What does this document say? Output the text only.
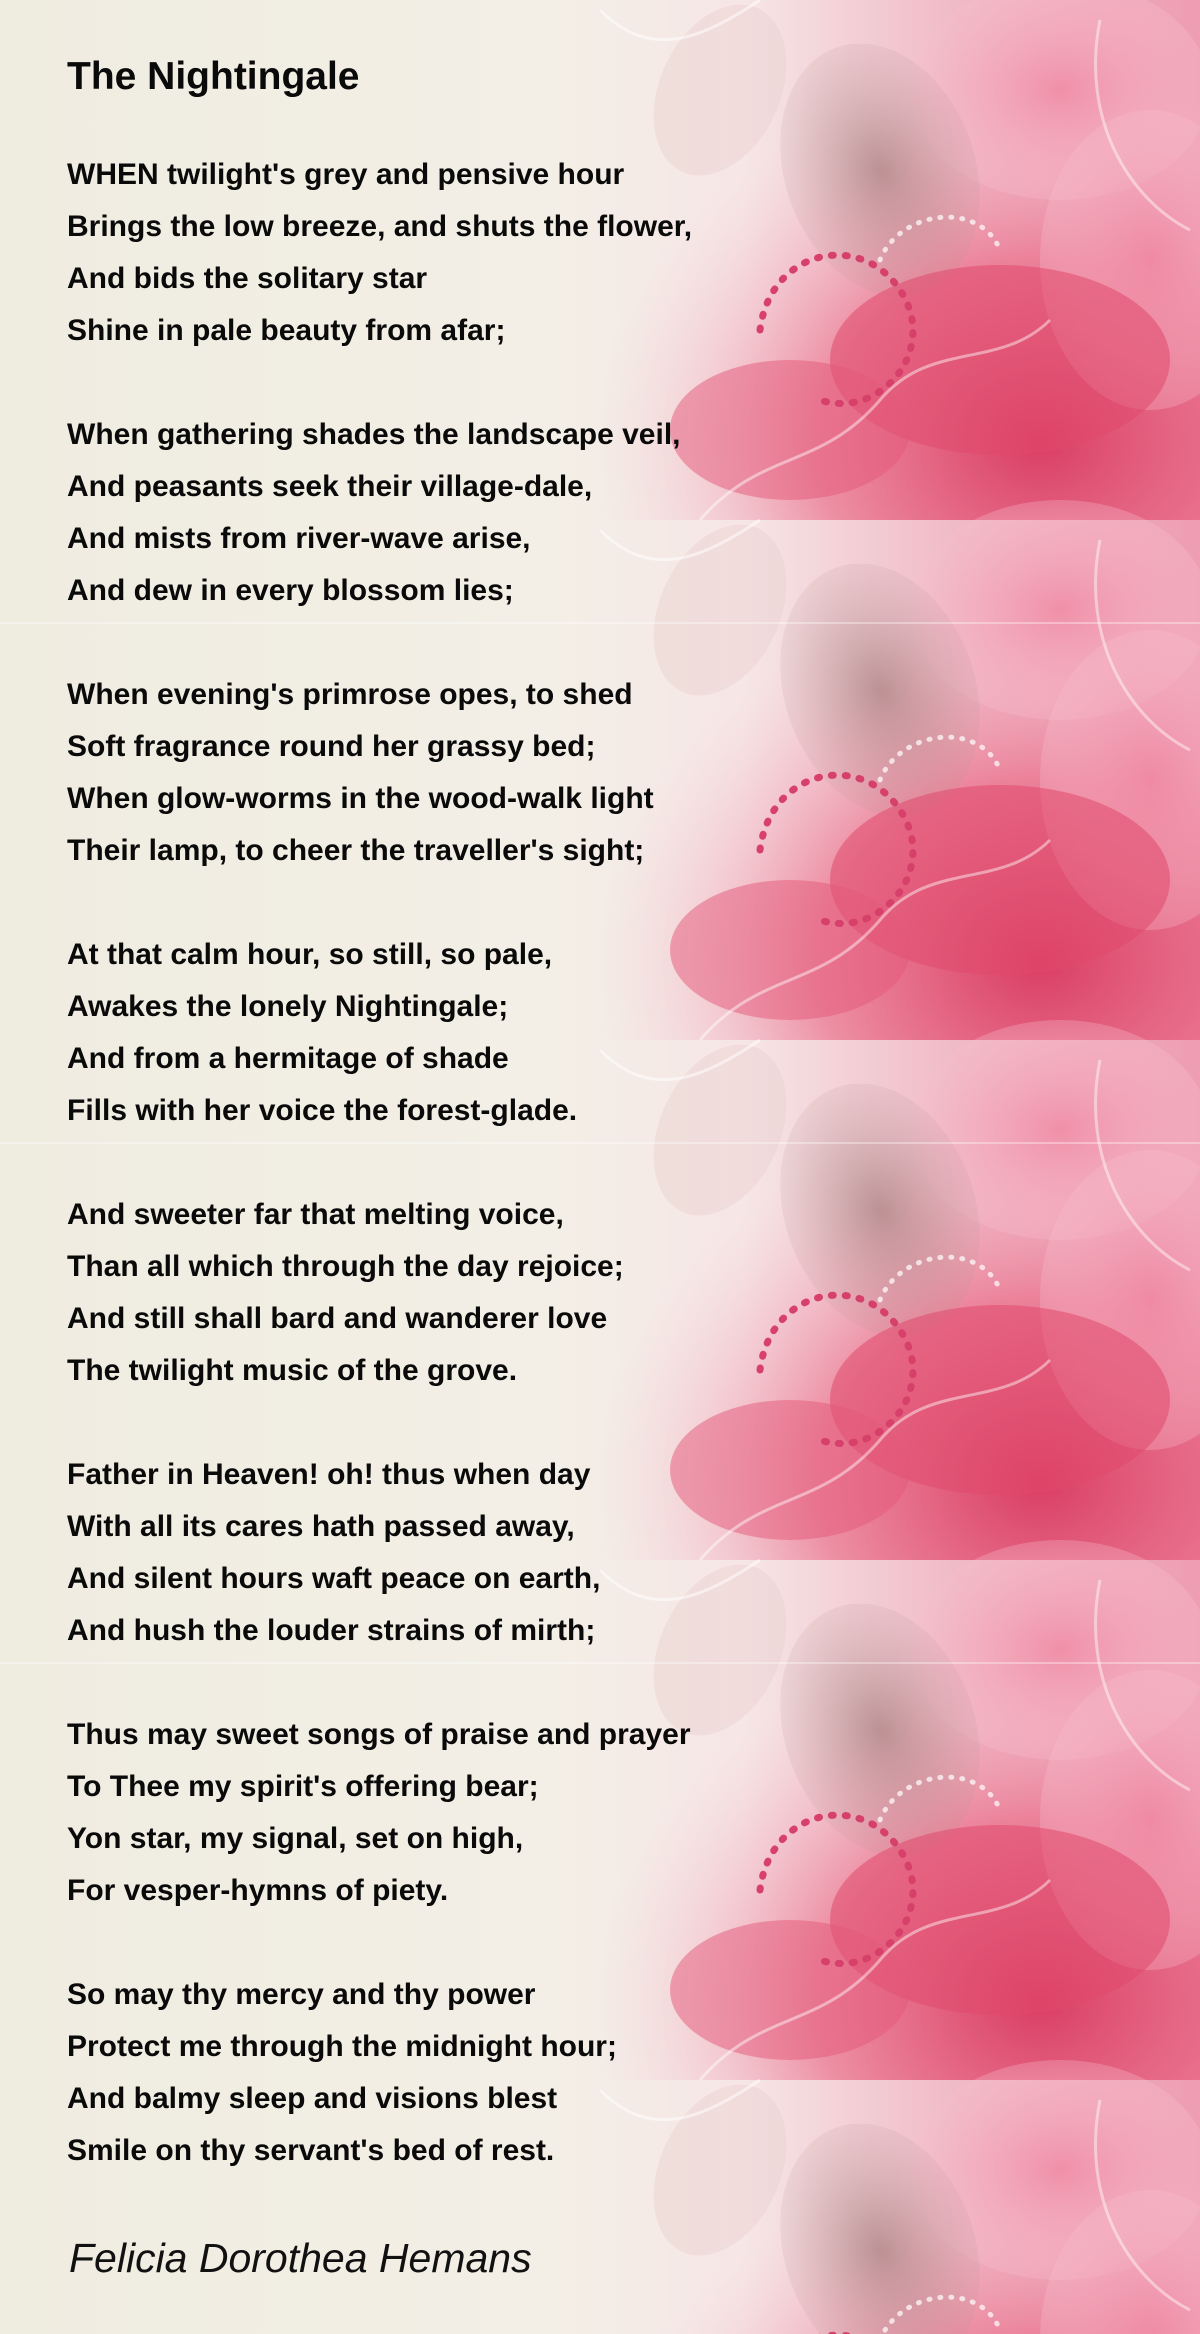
The Nightingale
WHEN twilight's grey and pensive hour
Brings the low breeze, and shuts the flower,
And bids the solitary star
Shine in pale beauty from afar;
When gathering shades the landscape veil,
And peasants seek their village-dale,
And mists from river-wave arise,
And dew in every blossom lies;
When evening's primrose opes, to shed
Soft fragrance round her grassy bed;
When glow-worms in the wood-walk light
Their lamp, to cheer the traveller's sight;
At that calm hour, so still, so pale,
Awakes the lonely Nightingale;
And from a hermitage of shade
Fills with her voice the forest-glade.
And sweeter far that melting voice,
Than all which through the day rejoice;
And still shall bard and wanderer love
The twilight music of the grove.
Father in Heaven! oh! thus when day
With all its cares hath passed away,
And silent hours waft peace on earth,
And hush the louder strains of mirth;
Thus may sweet songs of praise and prayer
To Thee my spirit's offering bear;
Yon star, my signal, set on high,
For vesper-hymns of piety.
So may thy mercy and thy power
Protect me through the midnight hour;
And balmy sleep and visions blest
Smile on thy servant's bed of rest.
Felicia Dorothea Hemans
